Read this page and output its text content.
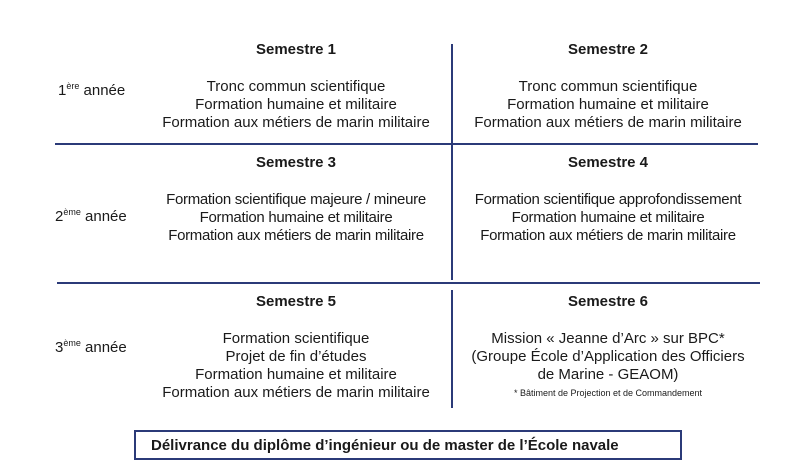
1ère année
2ème année
3ème année
Semestre 1
Tronc commun scientifique
Formation humaine et militaire
Formation aux métiers de marin militaire
Semestre 2
Tronc commun scientifique
Formation humaine et militaire
Formation aux métiers de marin militaire
Semestre 3
Formation scientifique majeure / mineure
Formation humaine et militaire
Formation aux métiers de marin militaire
Semestre 4
Formation scientifique approfondissement
Formation humaine et militaire
Formation aux métiers de marin militaire
Semestre 5
Formation scientifique
Projet de fin d’études
Formation humaine et militaire
Formation aux métiers de marin militaire
Semestre 6
Mission « Jeanne d’Arc » sur BPC*
(Groupe École d’Application des Officiers
de Marine - GEAOM)
* Bâtiment de Projection et de Commandement
Délivrance du diplôme d’ingénieur ou de master de l’École navale
